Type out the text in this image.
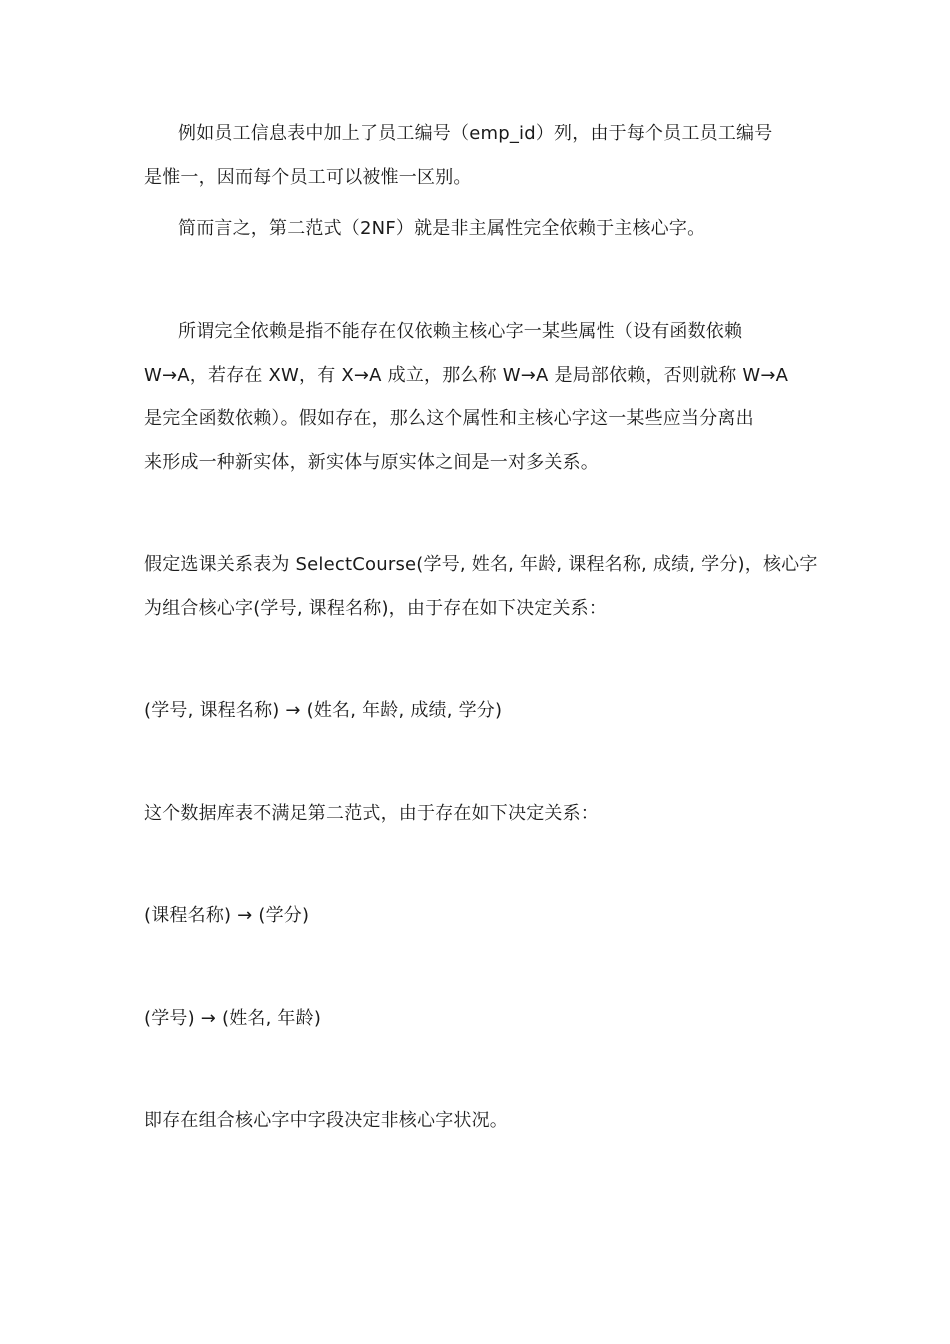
例如员工信息表中加上了员工编号（emp_id）列，由于每个员工员工编号
是惟一，因而每个员工可以被惟一区别。
简而言之，第二范式（2NF）就是非主属性完全依赖于主核心字。
所谓完全依赖是指不能存在仅依赖主核心字一某些属性（设有函数依赖
W→A，若存在 XW，有 X→A 成立，那么称 W→A 是局部依赖，否则就称 W→A
是完全函数依赖）。假如存在，那么这个属性和主核心字这一某些应当分离出
来形成一种新实体，新实体与原实体之间是一对多关系。
假定选课关系表为 SelectCourse(学号, 姓名, 年龄, 课程名称, 成绩, 学分)，核心字
为组合核心字(学号, 课程名称)，由于存在如下决定关系：
(学号, 课程名称) → (姓名, 年龄, 成绩, 学分)
这个数据库表不满足第二范式，由于存在如下决定关系：
(课程名称) → (学分)
(学号) → (姓名, 年龄)
即存在组合核心字中字段决定非核心字状况。
